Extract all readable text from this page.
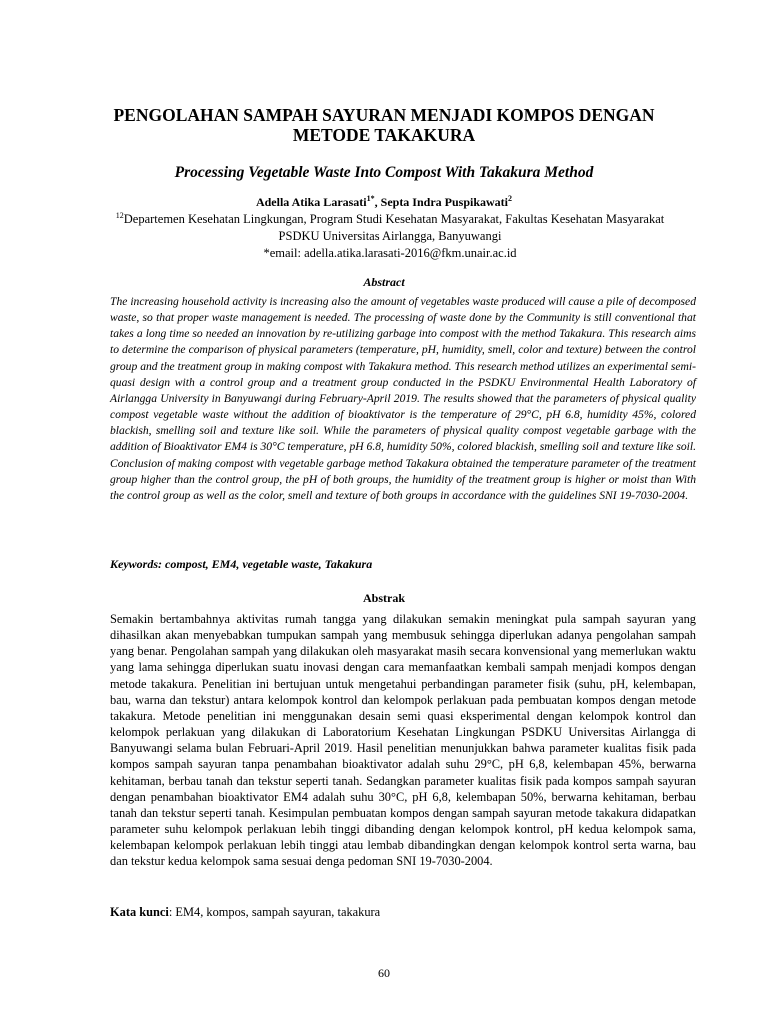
PENGOLAHAN SAMPAH SAYURAN MENJADI KOMPOS DENGAN METODE TAKAKURA
Processing Vegetable Waste Into Compost With Takakura Method
Adella Atika Larasati$^{1*}$, Septa Indra Puspikawati$^2$
$^{12}$Departemen Kesehatan Lingkungan, Program Studi Kesehatan Masyarakat, Fakultas Kesehatan Masyarakat PSDKU Universitas Airlangga, Banyuwangi
*email: adella.atika.larasati-2016@fkm.unair.ac.id
Abstract
The increasing household activity is increasing also the amount of vegetables waste produced will cause a pile of decomposed waste, so that proper waste management is needed. The processing of waste done by the Community is still conventional that takes a long time so needed an innovation by re-utilizing garbage into compost with the method Takakura. This research aims to determine the comparison of physical parameters (temperature, pH, humidity, smell, color and texture) between the control group and the treatment group in making compost with Takakura method. This research method utilizes an experimental semi-quasi design with a control group and a treatment group conducted in the PSDKU Environmental Health Laboratory of Airlangga University in Banyuwangi during February-April 2019. The results showed that the parameters of physical quality compost vegetable waste without the addition of bioaktivator is the temperature of 29°C, pH 6.8, humidity 45%, colored blackish, smelling soil and texture like soil. While the parameters of physical quality compost vegetable garbage with the addition of Bioaktivator EM4 is 30°C temperature, pH 6.8, humidity 50%, colored blackish, smelling soil and texture like soil. Conclusion of making compost with vegetable garbage method Takakura obtained the temperature parameter of the treatment group higher than the control group, the pH of both groups, the humidity of the treatment group is higher or moist than With the control group as well as the color, smell and texture of both groups in accordance with the guidelines SNI 19-7030-2004.
Keywords: compost, EM4, vegetable waste, Takakura
Abstrak
Semakin bertambahnya aktivitas rumah tangga yang dilakukan semakin meningkat pula sampah sayuran yang dihasilkan akan menyebabkan tumpukan sampah yang membusuk sehingga diperlukan adanya pengolahan sampah yang benar. Pengolahan sampah yang dilakukan oleh masyarakat masih secara konvensional yang memerlukan waktu yang lama sehingga diperlukan suatu inovasi dengan cara memanfaatkan kembali sampah menjadi kompos dengan metode takakura. Penelitian ini bertujuan untuk mengetahui perbandingan parameter fisik (suhu, pH, kelembapan, bau, warna dan tekstur) antara kelompok kontrol dan kelompok perlakuan pada pembuatan kompos dengan metode takakura. Metode penelitian ini menggunakan desain semi quasi eksperimental dengan kelompok kontrol dan kelompok perlakuan yang dilakukan di Laboratorium Kesehatan Lingkungan PSDKU Universitas Airlangga di Banyuwangi selama bulan Februari-April 2019. Hasil penelitian menunjukkan bahwa parameter kualitas fisik pada kompos sampah sayuran tanpa penambahan bioaktivator adalah suhu 29°C, pH 6,8, kelembapan 45%, berwarna kehitaman, berbau tanah dan tekstur seperti tanah. Sedangkan parameter kualitas fisik pada kompos sampah sayuran dengan penambahan bioaktivator EM4 adalah suhu 30°C, pH 6,8, kelembapan 50%, berwarna kehitaman, berbau tanah dan tekstur seperti tanah. Kesimpulan pembuatan kompos dengan sampah sayuran metode takakura didapatkan parameter suhu kelompok perlakuan lebih tinggi dibanding dengan kelompok kontrol, pH kedua kelompok sama, kelembapan kelompok perlakuan lebih tinggi atau lembab dibandingkan dengan kelompok kontrol serta warna, bau dan tekstur kedua kelompok sama sesuai denga pedoman SNI 19-7030-2004.
Kata kunci: EM4, kompos, sampah sayuran, takakura
60
